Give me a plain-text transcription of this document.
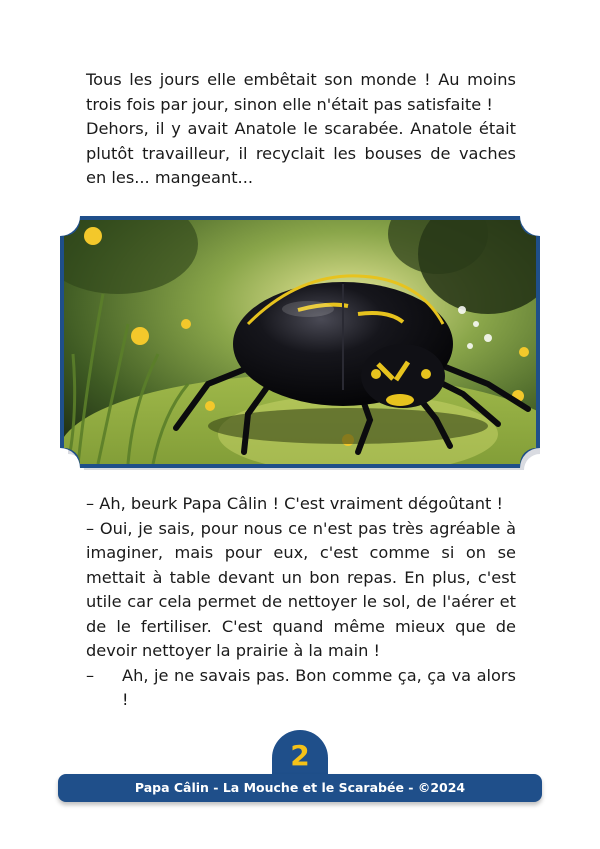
Tous les jours elle embêtait son monde ! Au moins trois fois par jour, sinon elle n'était pas satisfaite !

Dehors, il y avait Anatole le scarabée. Anatole était plutôt travailleur, il recyclait les bouses de vaches en les... mangeant...

– Ah, beurk Papa Câlin ! C'est vraiment dégoûtant !

– Oui, je sais, pour nous ce n'est pas très agréable à imaginer, mais pour eux, c'est comme si on se mettait à table devant un bon repas. En plus, c'est utile car cela permet de nettoyer le sol, de l'aérer et de le fertiliser. C'est quand même mieux que de devoir nettoyer la prairie à la main !

–	Ah, je ne savais pas. Bon comme ça, ça va alors !
2
Papa Câlin - La Mouche et le Scarabée - ©2024
